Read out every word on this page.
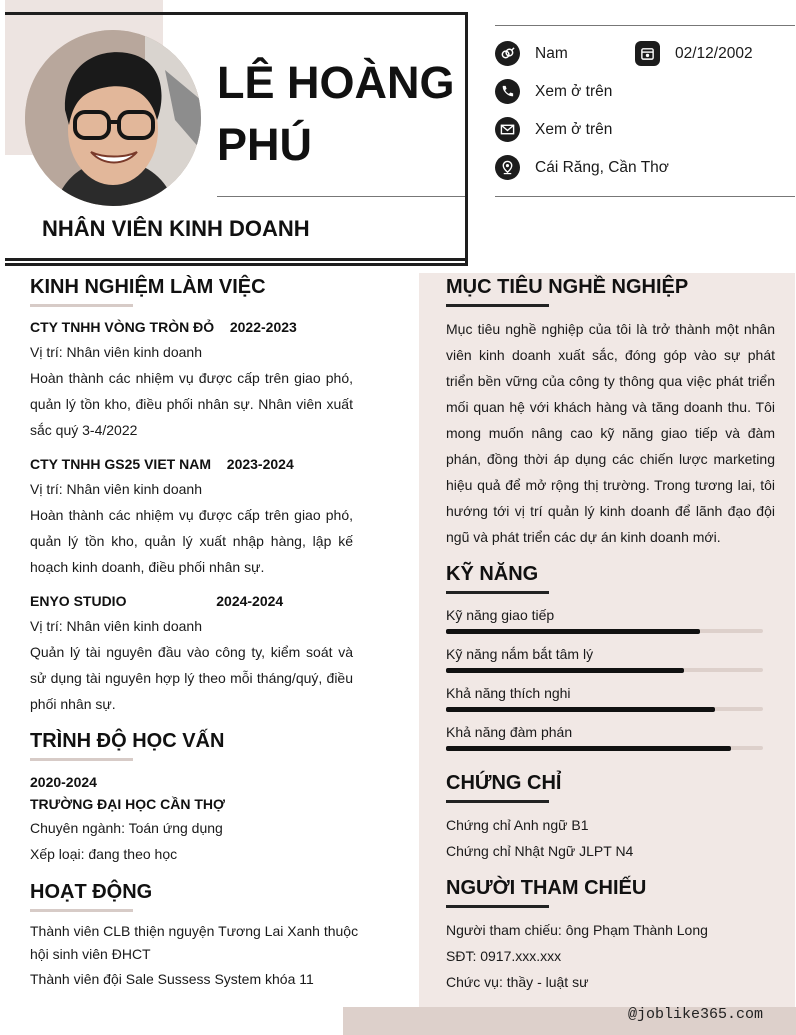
LÊ HOÀNG
PHÚ
NHÂN VIÊN KINH DOANH
Nam	02/12/2002
Xem ở trên
Xem ở trên
Cái Răng, Cần Thơ
KINH NGHIỆM LÀM VIỆC
CTY TNHH VÒNG TRÒN ĐỎ 2022-2023
Vị trí: Nhân viên kinh doanh
Hoàn thành các nhiệm vụ được cấp trên giao phó, quản lý tồn kho, điều phối nhân sự. Nhân viên xuất sắc quý 3-4/2022
CTY TNHH GS25 VIET NAM 2023-2024
Vị trí: Nhân viên kinh doanh
Hoàn thành các nhiệm vụ được cấp trên giao phó, quản lý tồn kho, quản lý xuất nhập hàng, lập kế hoạch kinh doanh, điều phối nhân sự.
ENYO STUDIO	2024-2024
Vị trí: Nhân viên kinh doanh
Quản lý tài nguyên đầu vào công ty, kiểm soát và sử dụng tài nguyên hợp lý theo mỗi tháng/quý, điều phối nhân sự.
TRÌNH ĐỘ HỌC VẤN
2020-2024
TRƯỜNG ĐẠI HỌC CẦN THỢ
Chuyên ngành: Toán ứng dụng
Xếp loại: đang theo học
HOẠT ĐỘNG
Thành viên CLB thiện nguyện Tương Lai Xanh thuộc hội sinh viên ĐHCT
Thành viên đội Sale Sussess System khóa 11
MỤC TIÊU NGHỀ NGHIỆP
Mục tiêu nghề nghiệp của tôi là trở thành một nhân viên kinh doanh xuất sắc, đóng góp vào sự phát triển bền vững của công ty thông qua việc phát triển mối quan hệ với khách hàng và tăng doanh thu. Tôi mong muốn nâng cao kỹ năng giao tiếp và đàm phán, đồng thời áp dụng các chiến lược marketing hiệu quả để mở rộng thị trường. Trong tương lai, tôi hướng tới vị trí quản lý kinh doanh để lãnh đạo đội ngũ và phát triển các dự án kinh doanh mới.
KỸ NĂNG
Kỹ năng giao tiếp
Kỹ năng nắm bắt tâm lý
Khả năng thích nghi
Khả năng đàm phán
CHỨNG CHỈ
Chứng chỉ Anh ngữ B1
Chứng chỉ Nhật Ngữ JLPT N4
NGƯỜI THAM CHIẾU
Người tham chiếu: ông Phạm Thành Long
SĐT: 0917.xxx.xxx
Chức vụ: thầy - luật sư
@joblike365.com
